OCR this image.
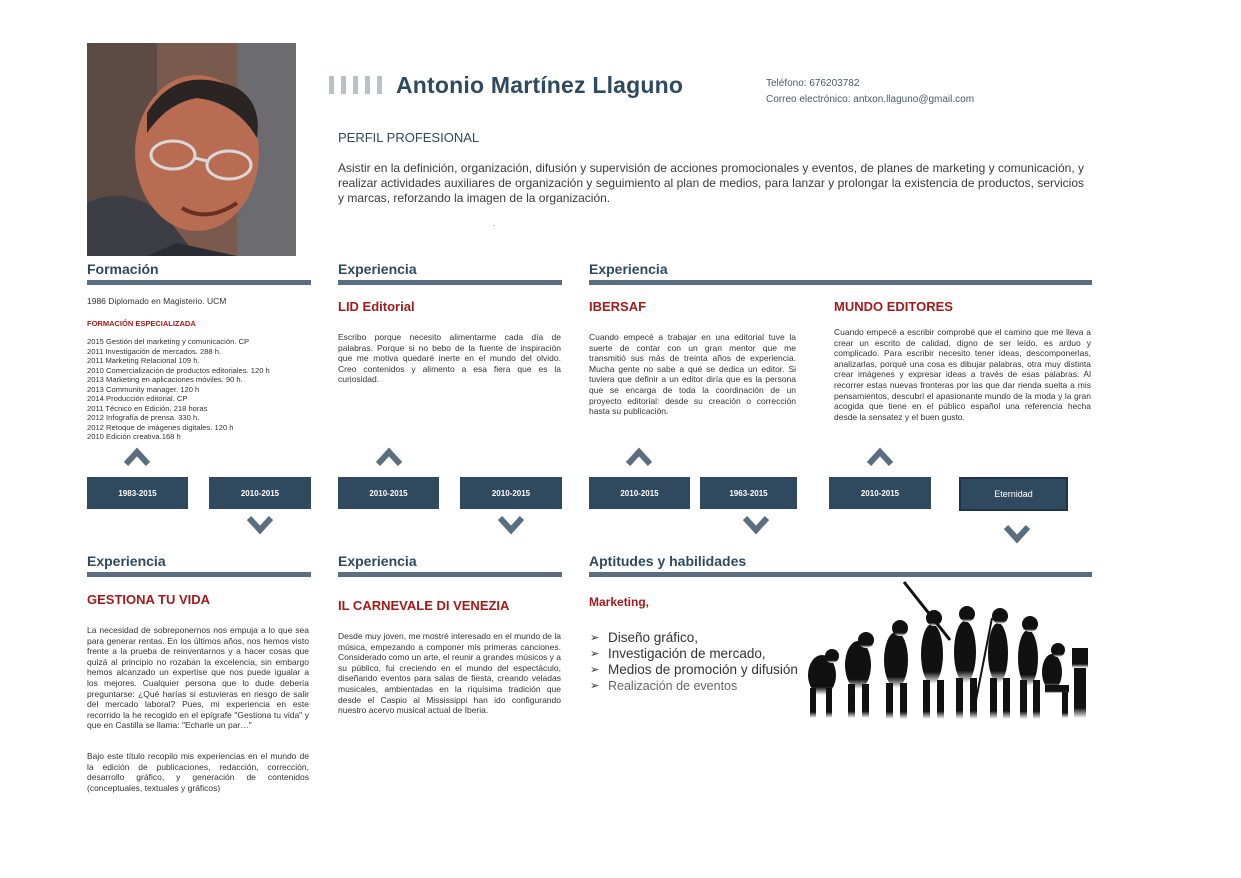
Antonio Martínez Llaguno	Teléfono: 676203782
Correo electrónico: antxon.llaguno@gmail.com
PERFIL PROFESIONAL
Asistir en la definición, organización, difusión y supervisión de acciones promocionales y eventos, de planes de marketing y comunicación, y realizar actividades auxiliares de organización y seguimiento al plan de medios, para lanzar y prolongar la existencia de productos, servicios y marcas, reforzando la imagen de la organización.
.
Formación	Experiencia	Experiencia
1986 Diplomado en Magisterio. UCM
FORMACIÓN ESPECIALIZADA
2015 Gestión del marketing y comunicación. CP
2011 Investigación de mercados. 288 h.
2011 Marketing Relacional 109 h.
2010 Comercialización de productos editoriales. 120 h
2013 Marketing en aplicaciones móviles. 90 h.
2013 Community manager. 120 h
2014 Producción editorial. CP
2011 Técnico en Edición. 218 horas
2012 Infografía de prensa. 330 h.
2012 Retoque de imágenes digitales. 120 h
2010 Edición creativa.168 h
LID Editorial
Escribo porque necesito alimentarme cada día de palabras. Porque si no bebo de la fuente de inspiración que me motiva quedaré inerte en el mundo del olvido. Creo contenidos y alimento a esa fiera que es la curiosidad.
IBERSAF
Cuando empecé a trabajar en una editorial tuve la suerte de contar con un gran mentor que me transmitió sus más de treinta años de experiencia. Mucha gente no sabe a qué se dedica un editor. Si tuviera que definir a un editor diría que es la persona que se encarga de toda la coordinación de un proyecto editorial: desde su creación o corrección hasta su publicación.
MUNDO EDITORES
Cuando empecé a escribir comprobé que el camino que me lleva a crear un escrito de calidad, digno de ser leído, es arduo y complicado. Para escribir necesito tener ideas, descomponerlas, analizarlas, porqué una cosa es dibujar palabras, otra muy distinta crear imágenes y expresar ideas a través de esas palabras. Al recorrer estas nuevas fronteras por las que dar rienda suelta a mis pensamientos, descubrí el apasionante mundo de la moda y la gran acogida que tiene en el público español una referencia hecha desde la sensatez y el buen gusto.
1983-2015	2010-2015	2010-2015	2010-2015	2010-2015	1963-2015	2010-2015	Eternidad
Experiencia	Experiencia	Aptitudes y habilidades
GESTIONA TU VIDA
La necesidad de sobreponernos nos empuja a lo que sea para generar rentas. En los últimos años, nos hemos visto frente a la prueba de reinventarnos y a hacer cosas que quizá al principio no rozaban la excelencia, sin embargo hemos alcanzado un expertise que nos puede igualar a los mejores. Cualquier persona que lo dude debería preguntarse: ¿Qué harías si estuvieras en riesgo de salir del mercado laboral? Pues, mi experiencia en este recorrido la he recogido en el epígrafe "Gestiona tu vida" y que en Castilla se llama: "Echarle un par…"
Bajo este título recopilo mis experiencias en el mundo de la edición de publicaciones, redacción, corrección, desarrollo gráfico, y generación de contenidos (conceptuales, textuales y gráficos)
IL CARNEVALE DI VENEZIA
Desde muy joven, me mostré interesado en el mundo de la música, empezando a componer mis primeras canciones. Considerado como un arte, el reunir a grandes músicos y a su público, fui creciendo en el mundo del espectáculo, diseñando eventos para salas de fiesta, creando veladas musicales, ambientadas en la riquísima tradición que desde el Caspio al Mississippi han ido configurando nuestro acervo musical actual de Iberia.
Marketing,
➢ Diseño gráfico,
➢ Investigación de mercado,
➢ Medios de promoción y difusión
➢ Realización de eventos
